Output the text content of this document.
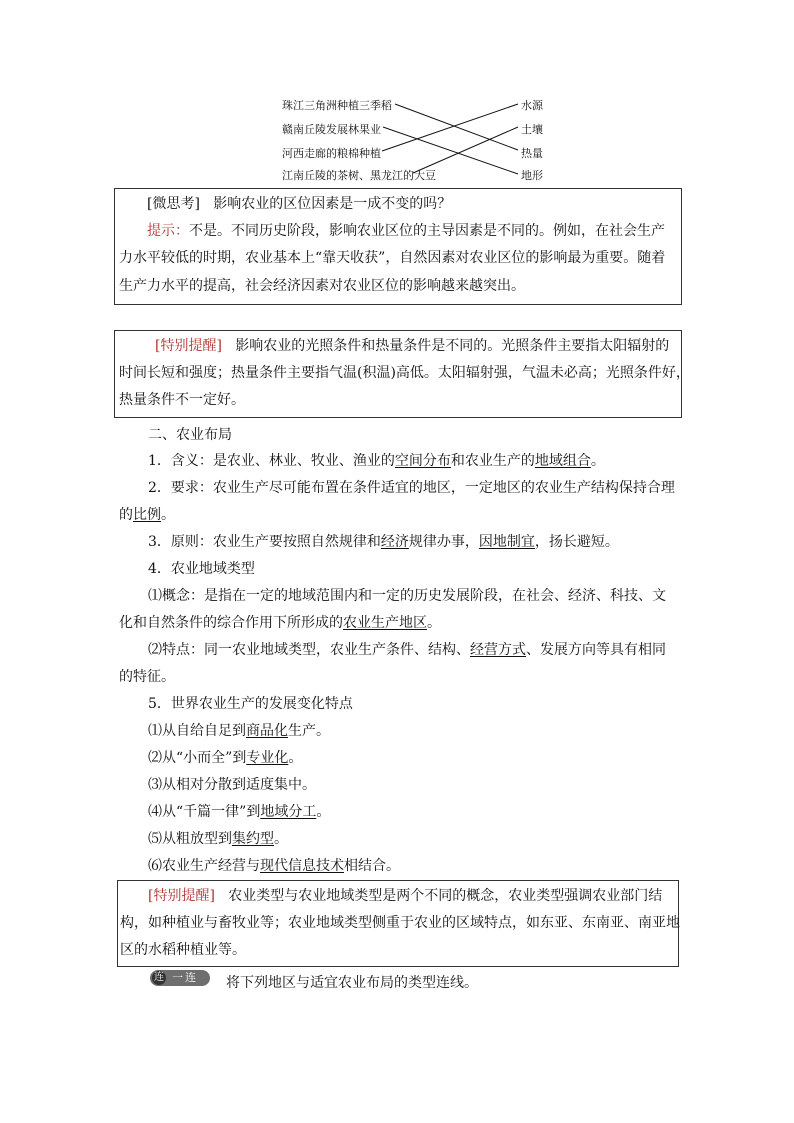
珠江三角洲种植三季稻
赣南丘陵发展林果业
河西走廊的粮棉种植
江南丘陵的茶树、黑龙江的大豆
水源
土壤
热量
地形
[微思考] 影响农业的区位因素是一成不变的吗？
提示：不是。不同历史阶段，影响农业区位的主导因素是不同的。例如，在社会生产
力水平较低的时期，农业基本上“靠天收获”，自然因素对农业区位的影响最为重要。随着
生产力水平的提高，社会经济因素对农业区位的影响越来越突出。
[特别提醒] 影响农业的光照条件和热量条件是不同的。光照条件主要指太阳辐射的
时间长短和强度；热量条件主要指气温(积温)高低。太阳辐射强，气温未必高；光照条件好，
热量条件不一定好。
二、农业布局
1．含义：是农业、林业、牧业、渔业的空间分布和农业生产的地域组合。
2．要求：农业生产尽可能布置在条件适宜的地区，一定地区的农业生产结构保持合理
的比例。
3．原则：农业生产要按照自然规律和经济规律办事，因地制宜，扬长避短。
4．农业地域类型
⑴概念：是指在一定的地域范围内和一定的历史发展阶段，在社会、经济、科技、文
化和自然条件的综合作用下所形成的农业生产地区。
⑵特点：同一农业地域类型，农业生产条件、结构、经营方式、发展方向等具有相同
的特征。
5．世界农业生产的发展变化特点
⑴从自给自足到商品化生产。
⑵从“小而全”到专业化。
⑶从相对分散到适度集中。
⑷从“千篇一律”到地域分工。
⑸从粗放型到集约型。
⑹农业生产经营与现代信息技术相结合。
[特别提醒] 农业类型与农业地域类型是两个不同的概念，农业类型强调农业部门结
构，如种植业与畜牧业等；农业地域类型侧重于农业的区域特点，如东亚、东南亚、南亚地
区的水稻种植业等。
连 一连 将下列地区与适宜农业布局的类型连线。
